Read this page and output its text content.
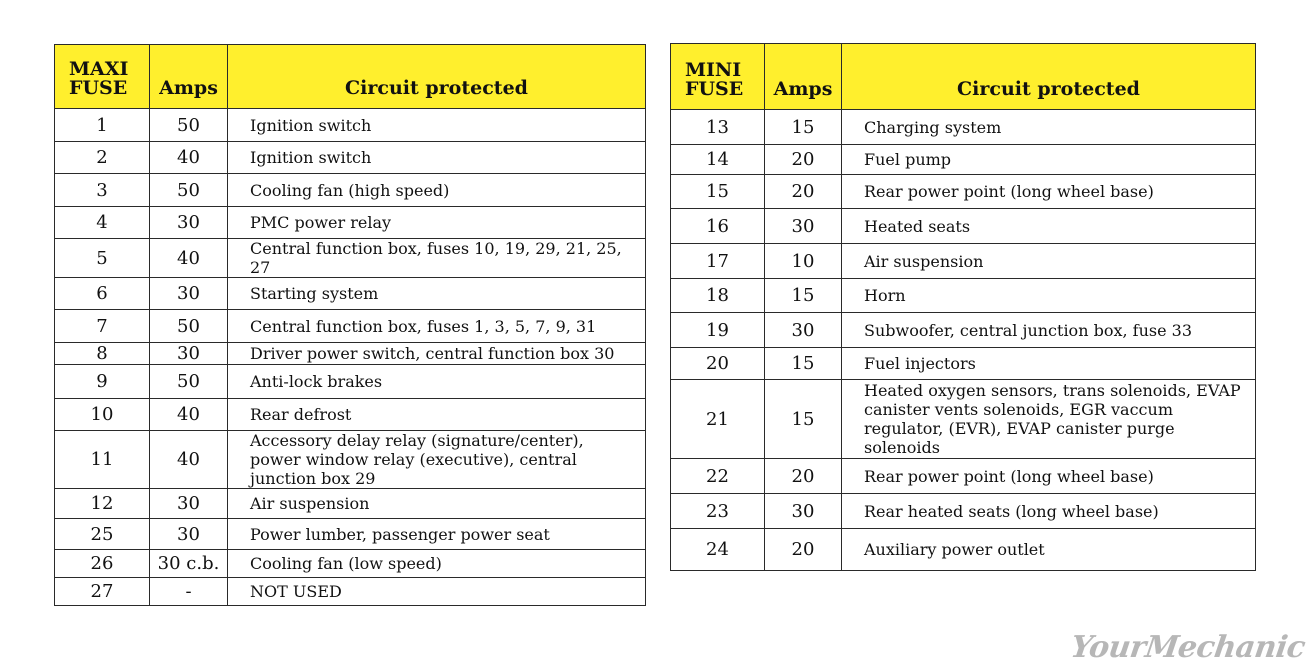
MAXI FUSE	Amps	Circuit protected
1	50	Ignition switch
2	40	Ignition switch
3	50	Cooling fan (high speed)
4	30	PMC power relay
5	40	Central function box, fuses 10, 19, 29, 21, 25, 27
6	30	Starting system
7	50	Central function box, fuses 1, 3, 5, 7, 9, 31
8	30	Driver power switch, central function box 30
9	50	Anti-lock brakes
10	40	Rear defrost
11	40	Accessory delay relay (signature/center), power window relay (executive), central junction box 29
12	30	Air suspension
25	30	Power lumber, passenger power seat
26	30 c.b.	Cooling fan (low speed)
27	-	NOT USED
MINI FUSE	Amps	Circuit protected
13	15	Charging system
14	20	Fuel pump
15	20	Rear power point (long wheel base)
16	30	Heated seats
17	10	Air suspension
18	15	Horn
19	30	Subwoofer, central junction box, fuse 33
20	15	Fuel injectors
21	15	Heated oxygen sensors, trans solenoids, EVAP canister vents solenoids, EGR vaccum regulator, (EVR), EVAP canister purge solenoids
22	20	Rear power point (long wheel base)
23	30	Rear heated seats (long wheel base)
24	20	Auxiliary power outlet
YourMechanic
